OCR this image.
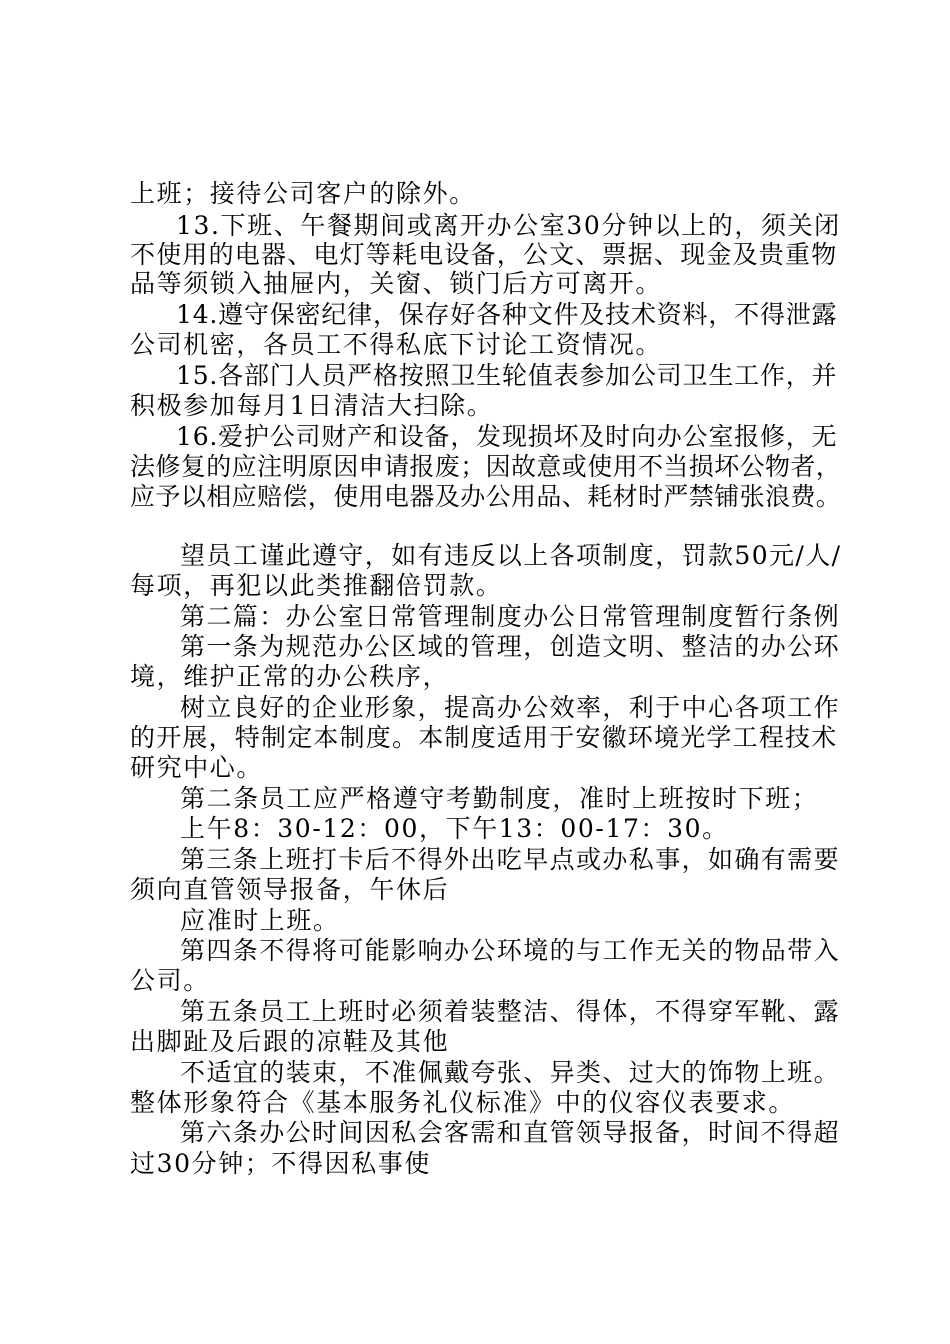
上班；接待公司客户的除外。

13.下班、午餐期间或离开办公室30分钟以上的，须关闭

不使用的电器、电灯等耗电设备，公文、票据、现金及贵重物

品等须锁入抽屉内，关窗、锁门后方可离开。

14.遵守保密纪律，保存好各种文件及技术资料，不得泄露

公司机密，各员工不得私底下讨论工资情况。

15.各部门人员严格按照卫生轮值表参加公司卫生工作，并

积极参加每月1日清洁大扫除。

16.爱护公司财产和设备，发现损坏及时向办公室报修，无

法修复的应注明原因申请报废；因故意或使用不当损坏公物者，

应予以相应赔偿，使用电器及办公用品、耗材时严禁铺张浪费。

望员工谨此遵守，如有违反以上各项制度，罚款50元/人/

每项，再犯以此类推翻倍罚款。

第二篇：办公室日常管理制度办公日常管理制度暂行条例

第一条为规范办公区域的管理，创造文明、整洁的办公环

境，维护正常的办公秩序，

树立良好的企业形象，提高办公效率，利于中心各项工作

的开展，特制定本制度。本制度适用于安徽环境光学工程技术

研究中心。

第二条员工应严格遵守考勤制度，准时上班按时下班；

上午8：30-12：00，下午13：00-17：30。

第三条上班打卡后不得外出吃早点或办私事，如确有需要

须向直管领导报备，午休后

应准时上班。

第四条不得将可能影响办公环境的与工作无关的物品带入

公司。

第五条员工上班时必须着装整洁、得体，不得穿军靴、露

出脚趾及后跟的凉鞋及其他

不适宜的装束，不准佩戴夸张、异类、过大的饰物上班。

整体形象符合《基本服务礼仪标准》中的仪容仪表要求。

第六条办公时间因私会客需和直管领导报备，时间不得超

过30分钟；不得因私事使
